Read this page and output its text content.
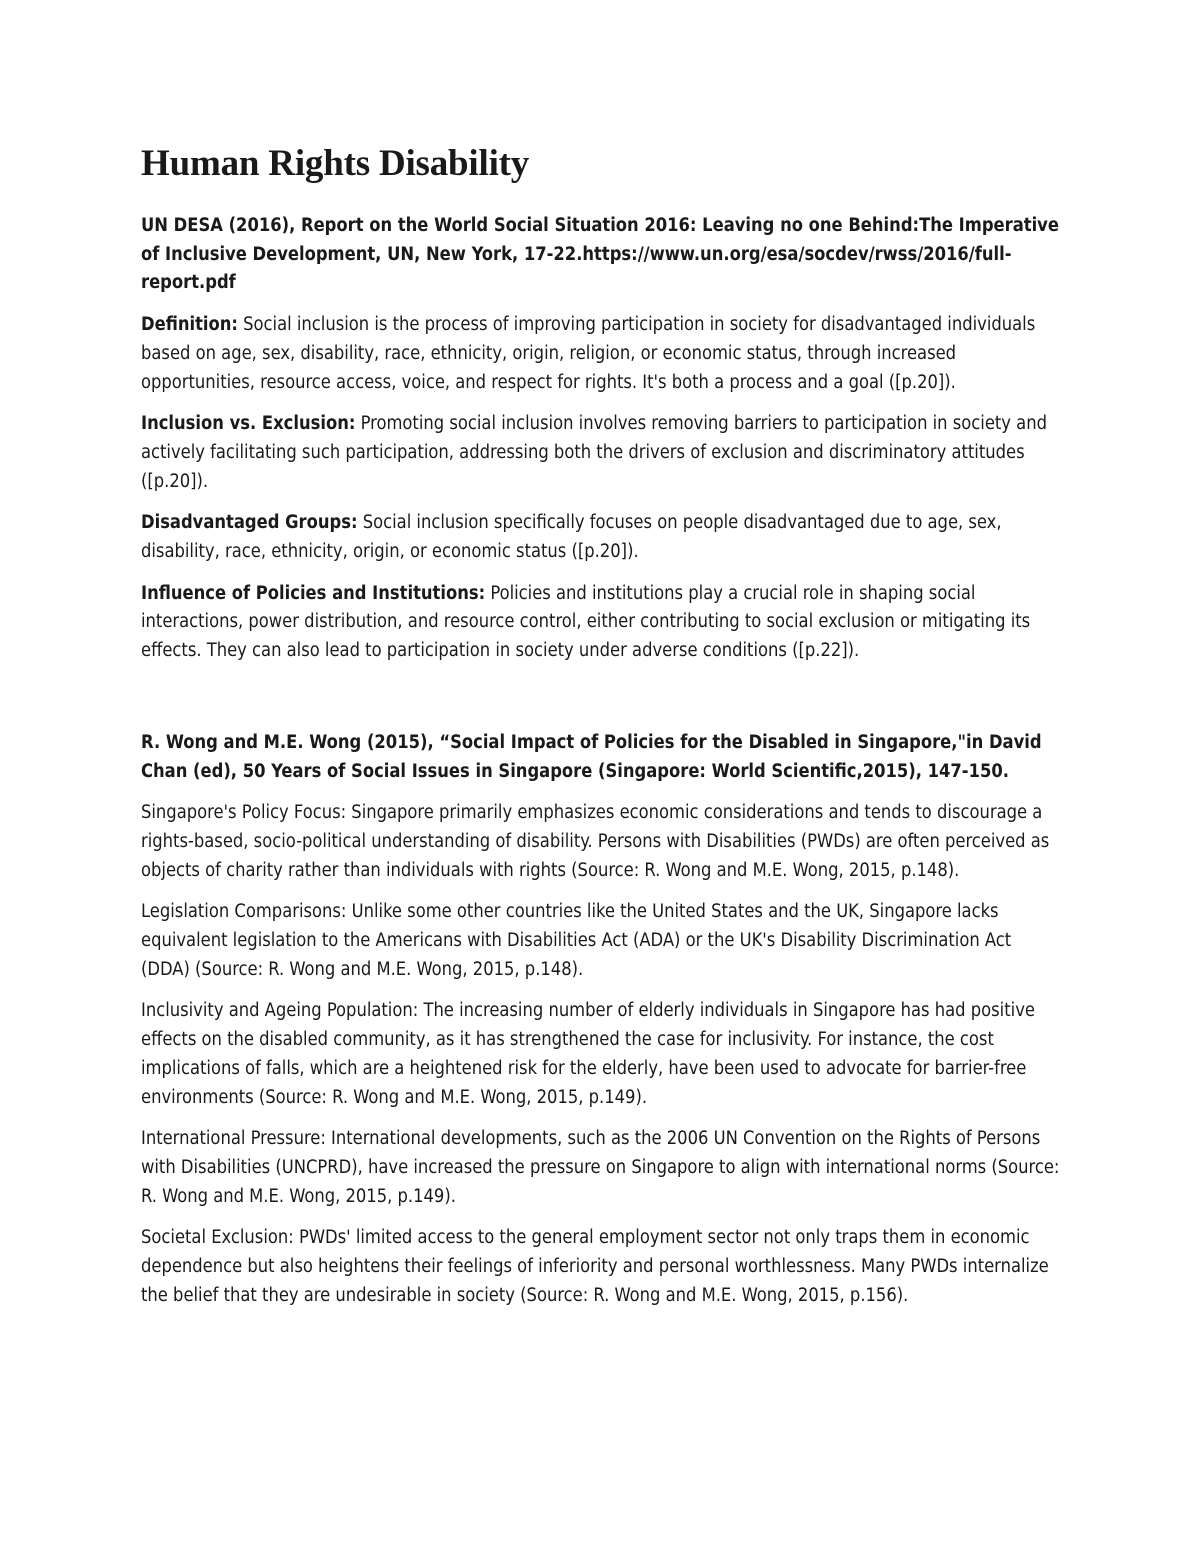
Human Rights Disability

UN DESA (2016), Report on the World Social Situation 2016: Leaving no one Behind:The Imperative of Inclusive Development, UN, New York, 17-22.https://www.un.org/esa/socdev/rwss/2016/full-report.pdf

Definition: Social inclusion is the process of improving participation in society for disadvantaged individuals based on age, sex, disability, race, ethnicity, origin, religion, or economic status, through increased opportunities, resource access, voice, and respect for rights. It's both a process and a goal ([p.20]).

Inclusion vs. Exclusion: Promoting social inclusion involves removing barriers to participation in society and actively facilitating such participation, addressing both the drivers of exclusion and discriminatory attitudes ([p.20]).

Disadvantaged Groups: Social inclusion specifically focuses on people disadvantaged due to age, sex, disability, race, ethnicity, origin, or economic status ([p.20]).

Influence of Policies and Institutions: Policies and institutions play a crucial role in shaping social interactions, power distribution, and resource control, either contributing to social exclusion or mitigating its effects. They can also lead to participation in society under adverse conditions ([p.22]).

R. Wong and M.E. Wong (2015), “Social Impact of Policies for the Disabled in Singapore,"in David Chan (ed), 50 Years of Social Issues in Singapore (Singapore: World Scientific,2015), 147-150.

Singapore's Policy Focus: Singapore primarily emphasizes economic considerations and tends to discourage a rights-based, socio-political understanding of disability. Persons with Disabilities (PWDs) are often perceived as objects of charity rather than individuals with rights (Source: R. Wong and M.E. Wong, 2015, p.148).

Legislation Comparisons: Unlike some other countries like the United States and the UK, Singapore lacks equivalent legislation to the Americans with Disabilities Act (ADA) or the UK's Disability Discrimination Act (DDA) (Source: R. Wong and M.E. Wong, 2015, p.148).

Inclusivity and Ageing Population: The increasing number of elderly individuals in Singapore has had positive effects on the disabled community, as it has strengthened the case for inclusivity. For instance, the cost implications of falls, which are a heightened risk for the elderly, have been used to advocate for barrier-free environments (Source: R. Wong and M.E. Wong, 2015, p.149).

International Pressure: International developments, such as the 2006 UN Convention on the Rights of Persons with Disabilities (UNCPRD), have increased the pressure on Singapore to align with international norms (Source: R. Wong and M.E. Wong, 2015, p.149).

Societal Exclusion: PWDs' limited access to the general employment sector not only traps them in economic dependence but also heightens their feelings of inferiority and personal worthlessness. Many PWDs internalize the belief that they are undesirable in society (Source: R. Wong and M.E. Wong, 2015, p.156).
